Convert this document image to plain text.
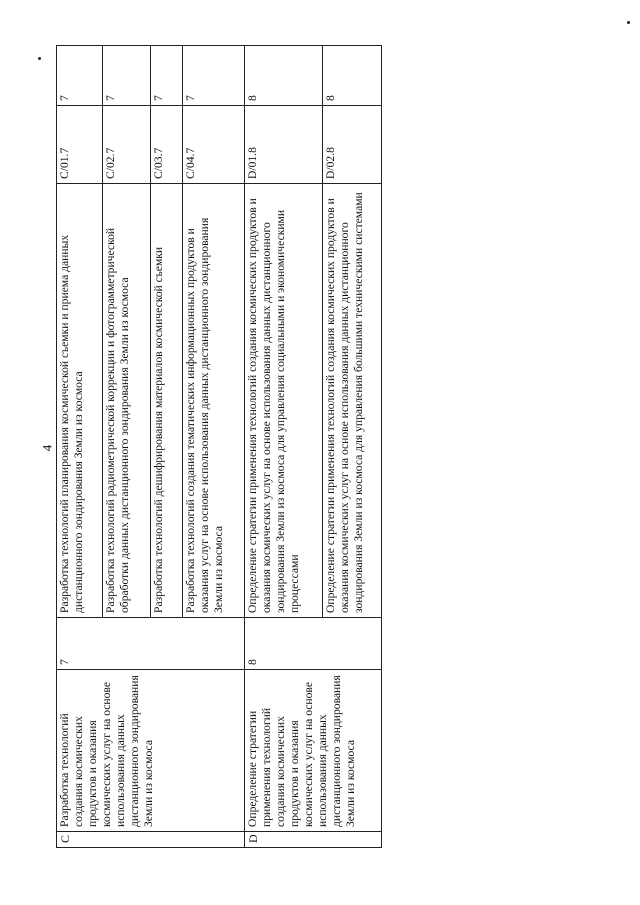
4
C	Разработка технологий создания космических продуктов и оказания космических услуг на основе использования данных дистанционного зондирования Земли из космоса	7	Разработка технологий планирования космической съемки и приема данных дистанционного зондирования Земли из космоса	C/01.7	7
			Разработка технологий радиометрической коррекции и фотограмметрической обработки данных дистанционного зондирования Земли из космоса	C/02.7	7
			Разработка технологий дешифрирования материалов космической съемки	C/03.7	7
			Разработка технологий создания тематических информационных продуктов и оказания услуг на основе использования данных дистанционного зондирования Земли из космоса	C/04.7	7
D	Определение стратегии применения технологий создания космических продуктов и оказания космических услуг на основе использования данных дистанционного зондирования Земли из космоса	8	Определение стратегии применения технологий создания космических продуктов и оказания космических услуг на основе использования данных дистанционного зондирования Земли из космоса для управления социальными и экономическими процессами	D/01.8	8
			Определение стратегии применения технологий создания космических продуктов и оказания космических услуг на основе использования данных дистанционного зондирования Земли из космоса для управления большими техническими системами	D/02.8	8
